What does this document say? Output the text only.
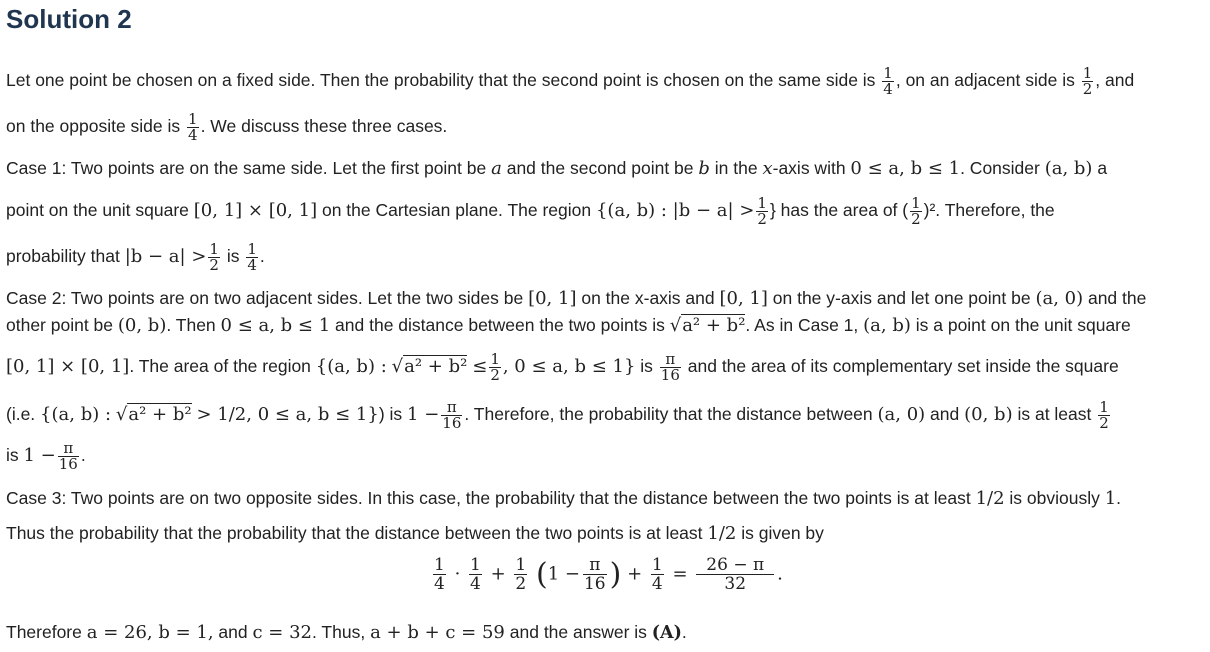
Solution 2
Let one point be chosen on a fixed side. Then the probability that the second point is chosen on the same side is $\frac{1}{4}$ , on an adjacent side is $\frac{1}{2}$ , and
on the opposite side is $\frac{1}{4}$ . We discuss these three cases.
Case 1: Two points are on the same side. Let the first point be a and the second point be b in the x-axis with 0 ≤ a, b ≤ 1. Consider (a, b) a
point on the unit square [0, 1] × [0, 1] on the Cartesian plane. The region {(a, b) : $|b - a| > \frac{1}{2}$ } has the area of ( $\frac{1}{2} )^2$. Therefore, the
probability that $|b - a| > \frac{1}{2}$ is $\frac{1}{4}$ .
Case 2: Two points are on two adjacent sides. Let the two sides be [0, 1] on the x-axis and [0, 1] on the y-axis and let one point be (a, 0) and the
other point be (0, b). Then 0 ≤ a, b ≤ 1 and the distance between the two points is √a² + b². As in Case 1, (a, b) is a point on the unit square
[0, 1] × [0, 1]. The area of the region {(a, b) : $√a^2 + b^2 \le \frac{1}{2}$ , 0 ≤ a, b ≤ 1} is $\frac{\pi}{16}$ and the area of its complementary set inside the square
(i.e. {(a, b) : √a² + b² > 1/2, 0 ≤ a, b ≤ 1}) is $1 - \frac{\pi}{16}$ . Therefore, the probability that the distance between (a, 0) and (0, b) is at least $\frac{1}{2}$
is $1 - \frac{\pi}{16}$ .
Case 3: Two points are on two opposite sides. In this case, the probability that the distance between the two points is at least 1/2 is obviously 1.
Thus the probability that the probability that the distance between the two points is at least 1/2 is given by
$\frac{1}{4} \cdot \frac{1}{4} + \frac{1}{2} (1 - \frac{\pi}{16}$ ) + $\frac{1}{4} = \frac{26 - \pi}{32}$ .
Therefore a = 26, b = 1, and c = 32. Thus, a + b + c = 59 and the answer is (A).
